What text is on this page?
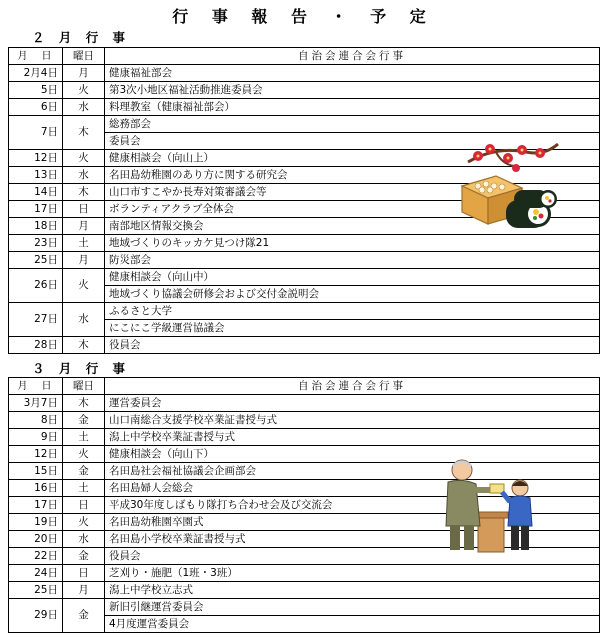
行 事 報 告 ・ 予 定
２ 月 行 事
月　日	曜日	自治会連合会行事
2月4日	月	健康福祉部会
5日	火	第3次小地区福祉活動推進委員会
6日	水	料理教室（健康福祉部会）
7日	木	総務部会
		委員会
12日	火	健康相談会（向山上）
13日	水	名田島幼稚園のあり方に関する研究会
14日	木	山口市すこやか長寿対策審議会等
17日	日	ボランティアクラブ全体会
18日	月	南部地区情報交換会
23日	土	地域づくりのキッカケ見つけ隊21
25日	月	防災部会
26日	火	健康相談会（向山中）
		地域づくり協議会研修会および交付金説明会
27日	水	ふるさと大学
		にこにこ学級運営協議会
28日	木	役員会
３ 月 行 事
月　日	曜日	自治会連合会行事
3月7日	木	運営委員会
8日	金	山口南総合支援学校卒業証書授与式
9日	土	潟上中学校卒業証書授与式
12日	火	健康相談会（向山下）
15日	金	名田島社会福祉協議会企画部会
16日	土	名田島婦人会総会
17日	日	平成30年度しばもり隊打ち合わせ会及び交流会
19日	火	名田島幼稚園卒園式
20日	水	名田島小学校卒業証書授与式
22日	金	役員会
24日	日	芝刈り・施肥（1班・3班）
25日	月	潟上中学校立志式
29日	金	新旧引継運営委員会
		4月度運営委員会
